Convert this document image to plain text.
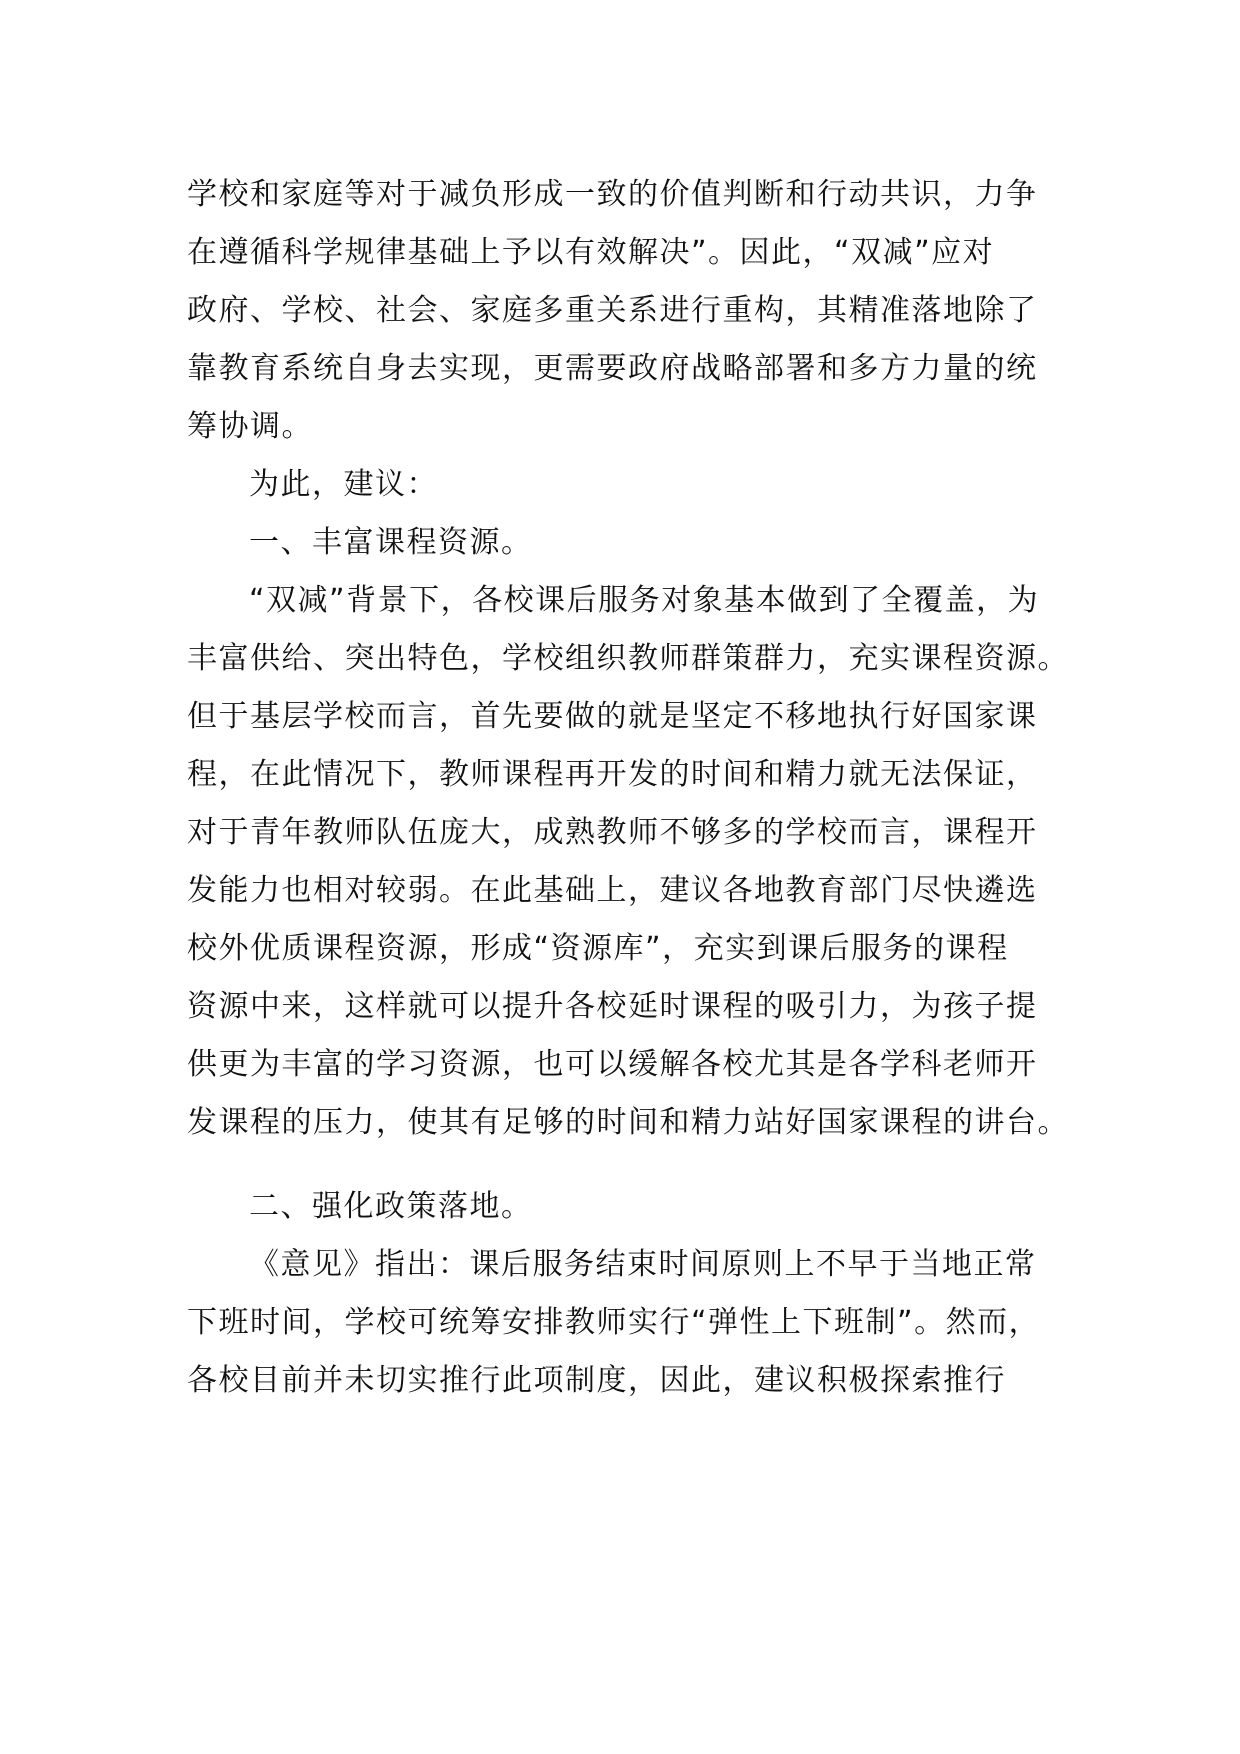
学校和家庭等对于减负形成一致的价值判断和行动共识，力争
在遵循科学规律基础上予以有效解决”。因此，“双减”应对
政府、学校、社会、家庭多重关系进行重构，其精准落地除了
靠教育系统自身去实现，更需要政府战略部署和多方力量的统
筹协调。
为此，建议：
一、丰富课程资源。
“双减”背景下，各校课后服务对象基本做到了全覆盖，为
丰富供给、突出特色，学校组织教师群策群力，充实课程资源。
但于基层学校而言，首先要做的就是坚定不移地执行好国家课
程，在此情况下，教师课程再开发的时间和精力就无法保证，
对于青年教师队伍庞大，成熟教师不够多的学校而言，课程开
发能力也相对较弱。在此基础上，建议各地教育部门尽快遴选
校外优质课程资源，形成“资源库”，充实到课后服务的课程
资源中来，这样就可以提升各校延时课程的吸引力，为孩子提
供更为丰富的学习资源，也可以缓解各校尤其是各学科老师开
发课程的压力，使其有足够的时间和精力站好国家课程的讲台。
二、强化政策落地。
《意见》指出：课后服务结束时间原则上不早于当地正常
下班时间，学校可统筹安排教师实行“弹性上下班制”。然而，
各校目前并未切实推行此项制度，因此，建议积极探索推行
